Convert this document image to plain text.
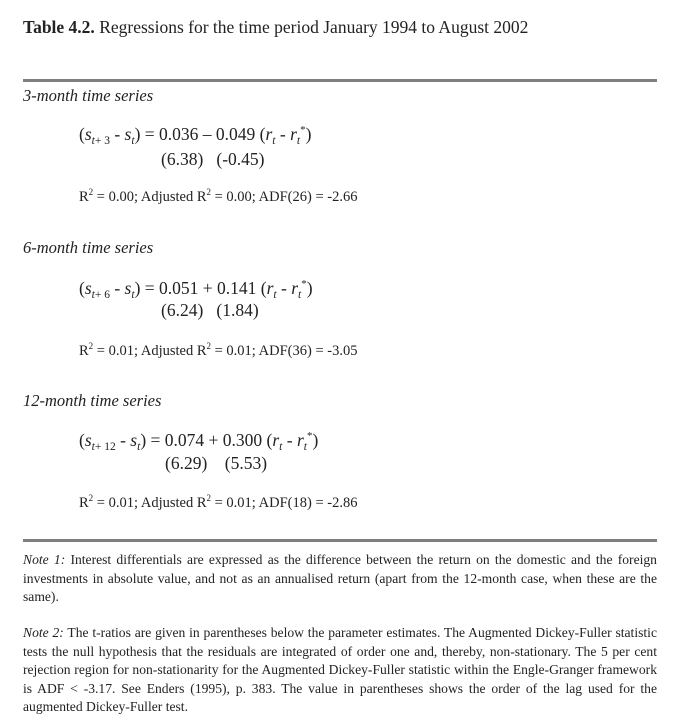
Table 4.2. Regressions for the time period January 1994 to August 2002
3-month time series
$(s_{t+ 3} - s_t) = 0.036 - 0.049$ $(r_t - r_t^*)$
(6.38) (-0.45)
$R^2 = 0.00$; Adjusted $R^2 = 0.00$; ADF(26) = -2.66
6-month time series
$(s_{t+ 6} - s_t) = 0.051 + 0.141$ $(r_t - r_t^*)$
(6.24) (1.84)
$R^2 = 0.01$; Adjusted $R^2 = 0.01$; ADF(36) = -3.05
12-month time series
$(s_{t+ 12} - s_t) = 0.074 + 0.300$ $(r_t - r_t^*)$
(6.29) (5.53)
$R^2 = 0.01$; Adjusted $R^2 = 0.01$; ADF(18) = -2.86
Note 1: Interest differentials are expressed as the difference between the return on the domestic and the foreign investments in absolute value, and not as an annualised return (apart from the 12-month case, when these are the same).
Note 2: The t-ratios are given in parentheses below the parameter estimates. The Augmented Dickey-Fuller statistic tests the null hypothesis that the residuals are integrated of order one and, thereby, non-stationary. The 5 per cent rejection region for non-stationarity for the Augmented Dickey-Fuller statistic within the Engle-Granger framework is ADF < -3.17. See Enders (1995), p. 383. The value in parentheses shows the order of the lag used for the augmented Dickey-Fuller test.
